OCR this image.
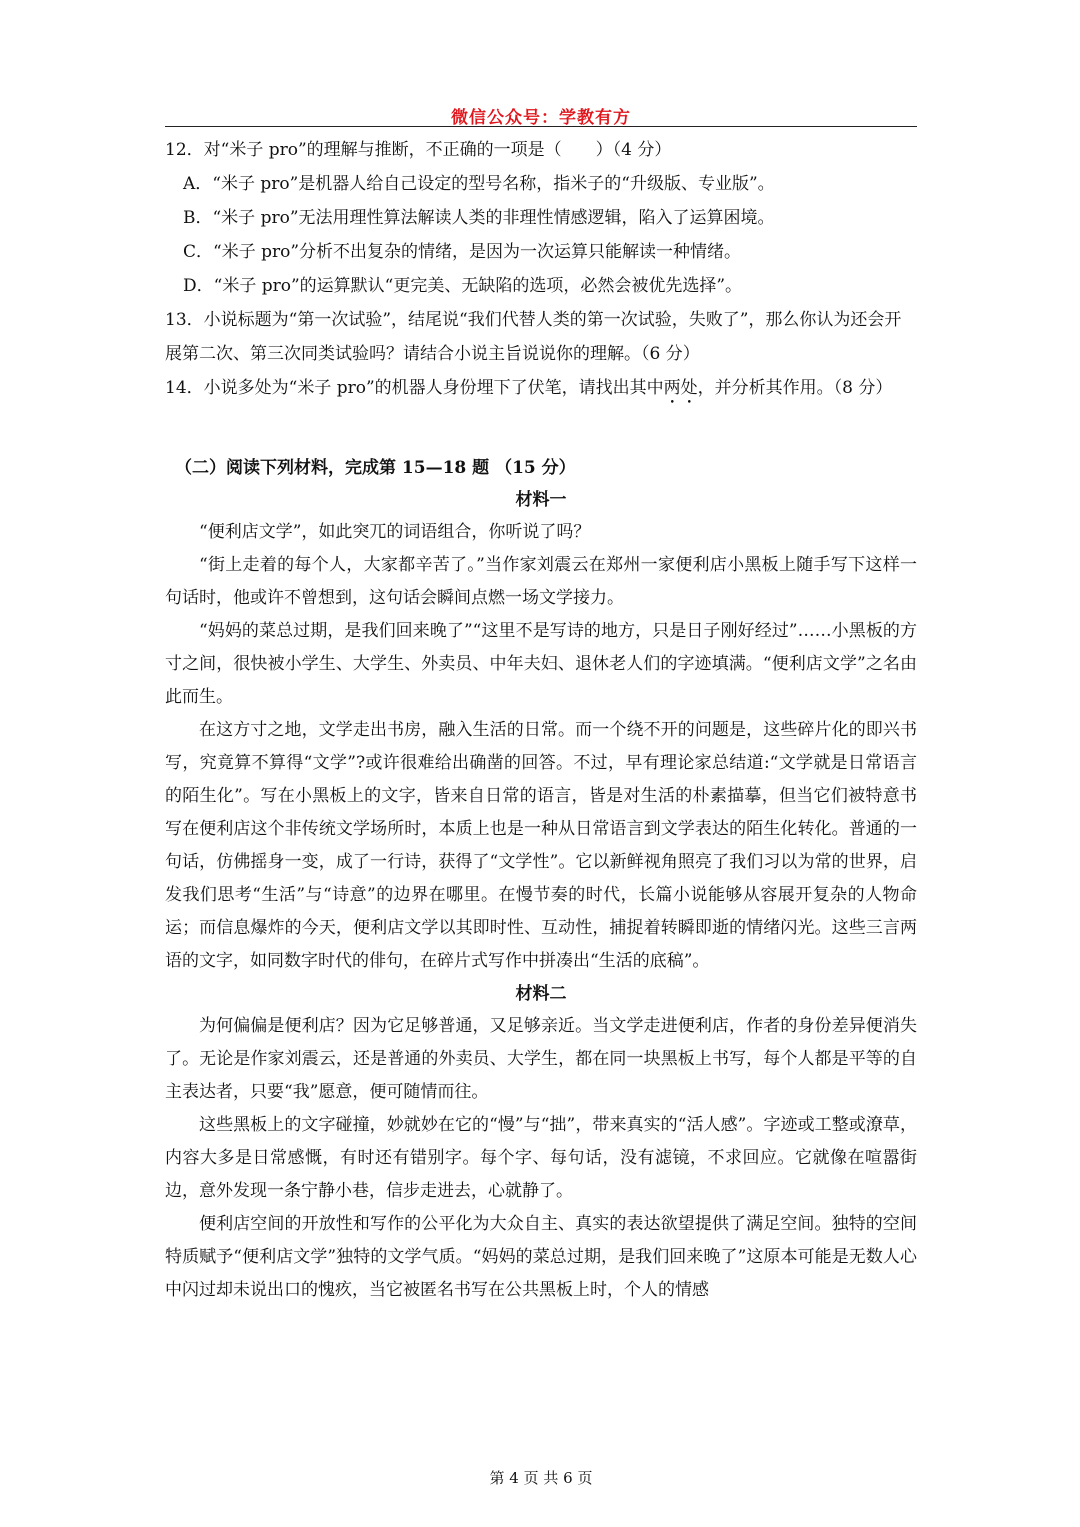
微信公众号：学教有方

12．对“米子 pro”的理解与推断，不正确的一项是（　　）（4 分）

A．“米子 pro”是机器人给自己设定的型号名称，指米子的“升级版、专业版”。

B．“米子 pro”无法用理性算法解读人类的非理性情感逻辑，陷入了运算困境。

C．“米子 pro”分析不出复杂的情绪，是因为一次运算只能解读一种情绪。

D．“米子 pro”的运算默认“更完美、无缺陷的选项，必然会被优先选择”。

13．小说标题为“第一次试验”，结尾说“我们代替人类的第一次试验，失败了”，那么你认为还会开展第二次、第三次同类试验吗？请结合小说主旨说说你的理解。（6 分）

14．小说多处为“米子 pro”的机器人身份埋下了伏笔，请找出其中两处，并分析其作用。（8 分）

（二）阅读下列材料，完成第 15—18 题 （15 分）

材料一

“便利店文学”，如此突兀的词语组合，你听说了吗？

“街上走着的每个人，大家都辛苦了。”当作家刘震云在郑州一家便利店小黑板上随手写下这样一句话时，他或许不曾想到，这句话会瞬间点燃一场文学接力。

“妈妈的菜总过期，是我们回来晚了”“这里不是写诗的地方，只是日子刚好经过”……小黑板的方寸之间，很快被小学生、大学生、外卖员、中年夫妇、退休老人们的字迹填满。“便利店文学”之名由此而生。

在这方寸之地，文学走出书房，融入生活的日常。而一个绕不开的问题是，这些碎片化的即兴书写，究竟算不算得“文学”?或许很难给出确凿的回答。不过，早有理论家总结道:“文学就是日常语言的陌生化”。写在小黑板上的文字，皆来自日常的语言，皆是对生活的朴素描摹，但当它们被特意书写在便利店这个非传统文学场所时，本质上也是一种从日常语言到文学表达的陌生化转化。普通的一句话，仿佛摇身一变，成了一行诗，获得了“文学性”。它以新鲜视角照亮了我们习以为常的世界，启发我们思考“生活”与“诗意”的边界在哪里。在慢节奏的时代，长篇小说能够从容展开复杂的人物命运；而信息爆炸的今天，便利店文学以其即时性、互动性，捕捉着转瞬即逝的情绪闪光。这些三言两语的文字，如同数字时代的俳句，在碎片式写作中拼凑出“生活的底稿”。

材料二

为何偏偏是便利店？因为它足够普通，又足够亲近。当文学走进便利店，作者的身份差异便消失了。无论是作家刘震云，还是普通的外卖员、大学生，都在同一块黑板上书写，每个人都是平等的自主表达者，只要“我”愿意，便可随情而往。

这些黑板上的文字碰撞，妙就妙在它的“慢”与“拙”，带来真实的“活人感”。字迹或工整或潦草，内容大多是日常感慨，有时还有错别字。每个字、每句话，没有滤镜，不求回应。它就像在喧嚣街边，意外发现一条宁静小巷，信步走进去，心就静了。

便利店空间的开放性和写作的公平化为大众自主、真实的表达欲望提供了满足空间。独特的空间特质赋予“便利店文学”独特的文学气质。“妈妈的菜总过期，是我们回来晚了”这原本可能是无数人心中闪过却未说出口的愧疚，当它被匿名书写在公共黑板上时，个人的情感

第 4 页 共 6 页
